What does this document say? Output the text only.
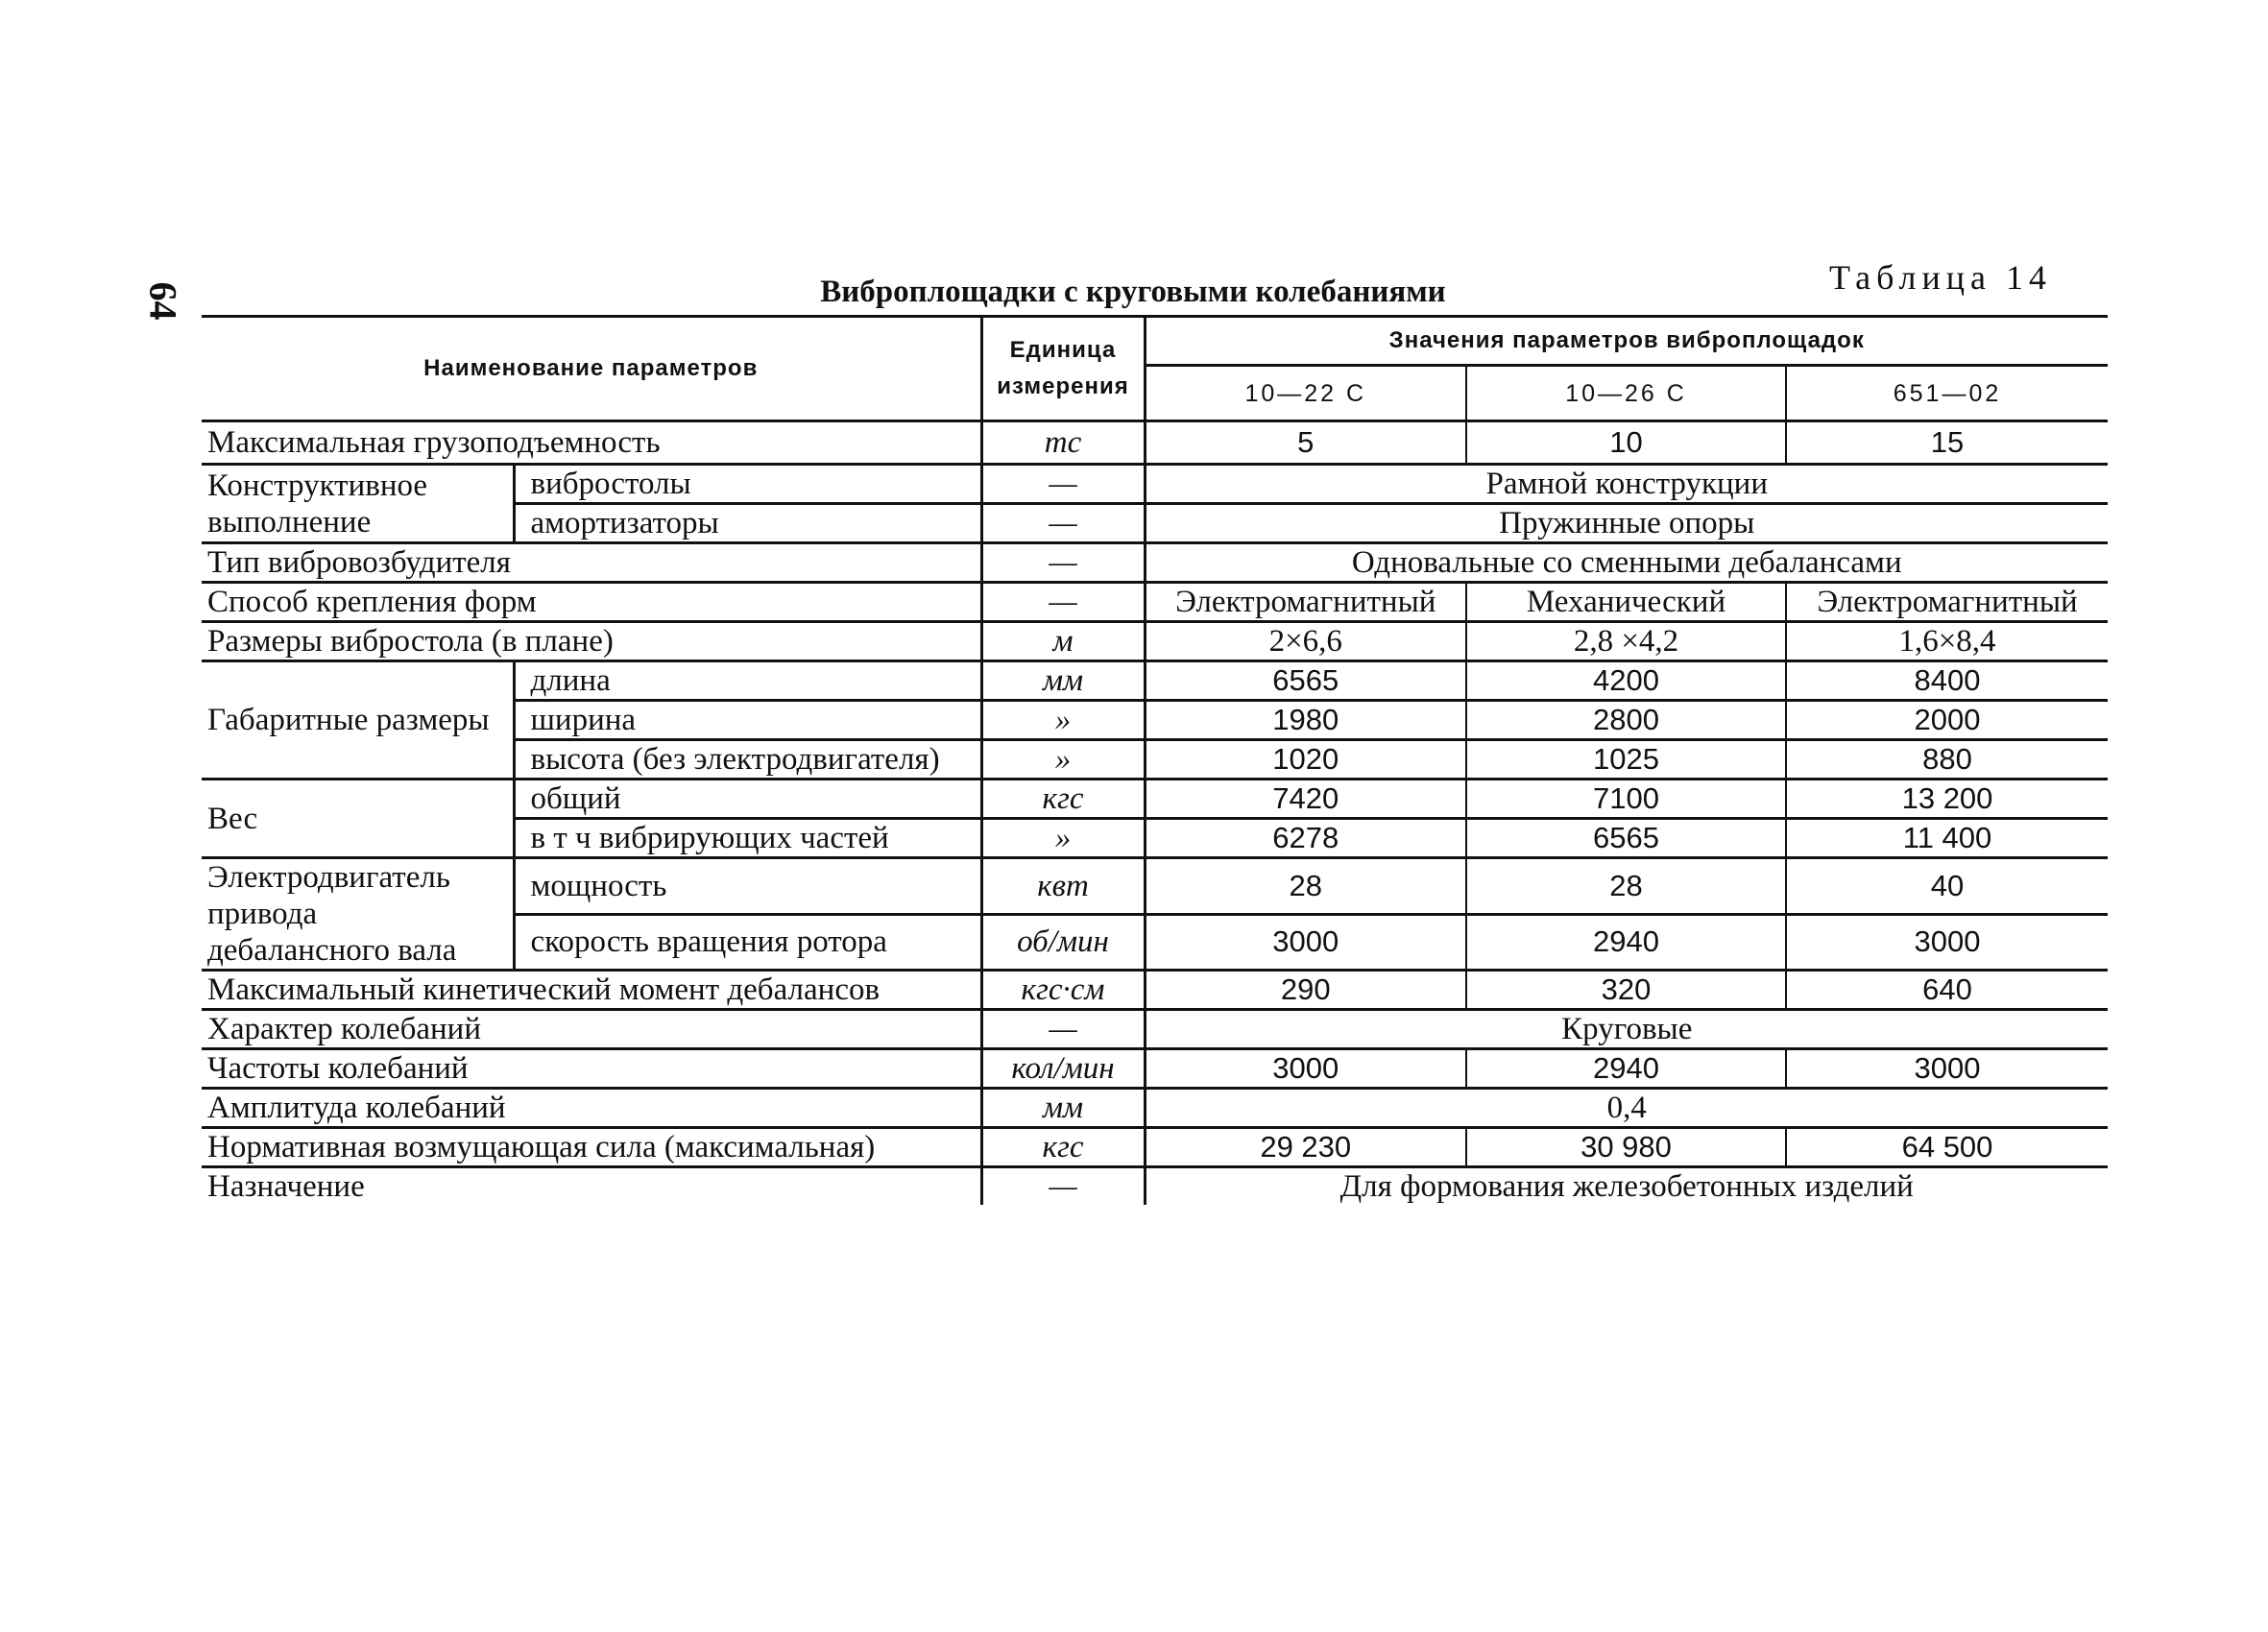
64
Таблица 14
Виброплощадки с круговыми колебаниями
Наименование параметров		Единица измерения	Значения параметров виброплощадок		
			10—22 С	10—26 С	651—02
Максимальная грузоподъемность		тс	5	10	15
Конструктивное выполнение	вибростолы	—	Рамной конструкции		
	амортизаторы	—	Пружинные опоры		
Тип вибровозбудителя		—	Одновальные со сменными дебалансами		
Способ крепления форм		—	Электромагнитный	Механический	Электромагнитный
Размеры вибростола (в плане)		м	2×6,6	2,8 ×4,2	1,6×8,4
Габаритные размеры	длина	мм	6565	4200	8400
	ширина	»	1980	2800	2000
	высота (без электродвигателя)	»	1020	1025	880
Вес	общий	кгс	7420	7100	13 200
	в т ч вибрирующих частей	»	6278	6565	11 400
Электродвигатель привода дебалансного вала	мощность	квт	28	28	40
	скорость вращения ротора	об/мин	3000	2940	3000
Максимальный кинетический момент дебалансов		кгс·см	290	320	640
Характер колебаний		—	Круговые		
Частоты колебаний		кол/мин	3000	2940	3000
Амплитуда колебаний		мм	0,4		
Нормативная возмущающая сила (максимальная)		кгс	29 230	30 980	64 500
Назначение		—	Для формования железобетонных изделий		
